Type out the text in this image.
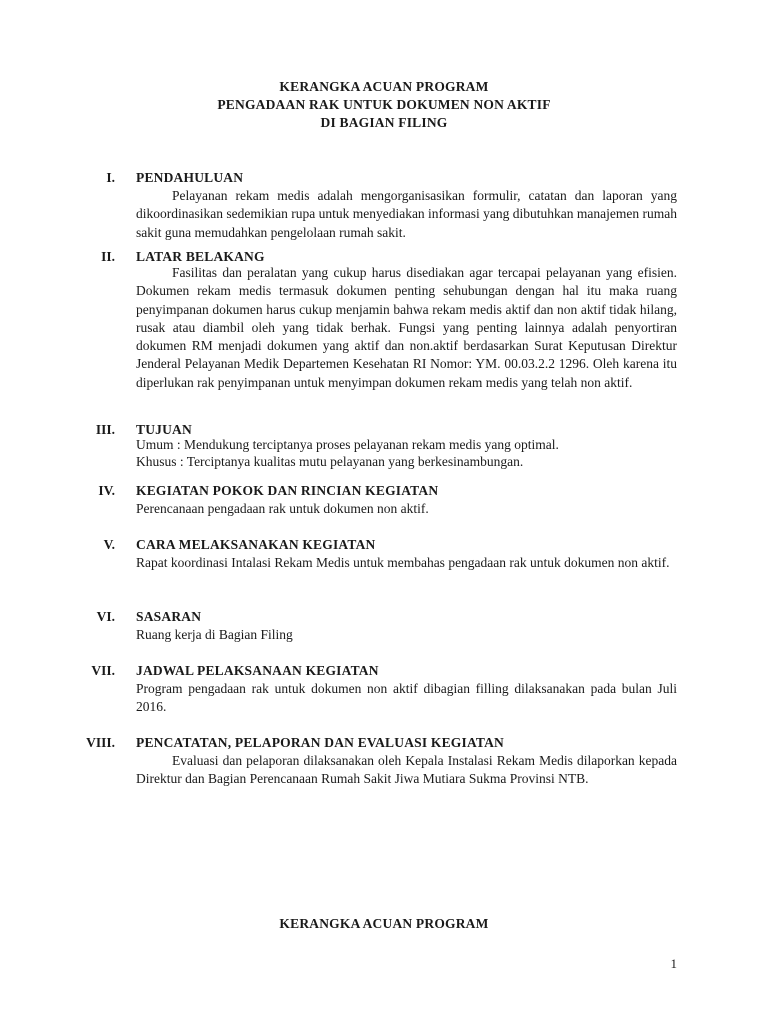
KERANGKA ACUAN PROGRAM
PENGADAAN RAK UNTUK DOKUMEN NON AKTIF
DI BAGIAN FILING
I. PENDAHULUAN
Pelayanan rekam medis adalah mengorganisasikan formulir, catatan dan laporan yang dikoordinasikan sedemikian rupa untuk menyediakan informasi yang dibutuhkan manajemen rumah sakit guna memudahkan pengelolaan rumah sakit.
II. LATAR BELAKANG
Fasilitas dan peralatan yang cukup harus disediakan agar tercapai pelayanan yang efisien. Dokumen rekam medis termasuk dokumen penting sehubungan dengan hal itu maka ruang penyimpanan dokumen harus cukup menjamin bahwa rekam medis aktif dan non aktif tidak hilang, rusak atau diambil oleh yang tidak berhak. Fungsi yang penting lainnya adalah penyortiran dokumen RM menjadi dokumen yang aktif dan non.aktif berdasarkan Surat Keputusan Direktur Jenderal Pelayanan Medik Departemen Kesehatan RI Nomor: YM. 00.03.2.2 1296. Oleh karena itu diperlukan rak penyimpanan untuk menyimpan dokumen rekam medis yang telah non aktif.
III. TUJUAN
Umum : Mendukung terciptanya proses pelayanan rekam medis yang optimal.
Khusus : Terciptanya kualitas mutu pelayanan yang berkesinambungan.
IV. KEGIATAN POKOK DAN RINCIAN KEGIATAN
Perencanaan pengadaan rak untuk dokumen non aktif.
V. CARA MELAKSANAKAN KEGIATAN
Rapat koordinasi Intalasi Rekam Medis untuk membahas pengadaan rak untuk dokumen non aktif.
VI. SASARAN
Ruang kerja di Bagian Filing
VII. JADWAL PELAKSANAAN KEGIATAN
Program pengadaan rak untuk dokumen non aktif dibagian filling dilaksanakan pada bulan Juli 2016.
VIII. PENCATATAN, PELAPORAN DAN EVALUASI KEGIATAN
Evaluasi dan pelaporan dilaksanakan oleh Kepala Instalasi Rekam Medis dilaporkan kepada Direktur dan Bagian Perencanaan Rumah Sakit Jiwa Mutiara Sukma Provinsi NTB.
KERANGKA ACUAN PROGRAM
1
